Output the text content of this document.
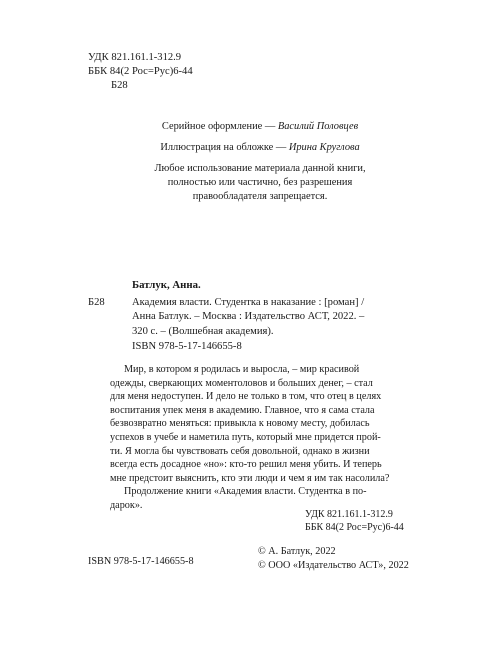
УДК 821.161.1-312.9
ББК 84(2 Рос=Рус)6-44
Б28
Серийное оформление — Василий Половцев
Иллюстрация на обложке — Ирина Круглова
Любое использование материала данной книги,
полностью или частично, без разрешения
правообладателя запрещается.
Батлук, Анна.
Б28	Академия власти. Студентка в наказание : [роман] /
Анна Батлук. – Москва : Издательство АСТ, 2022. –
320 с. – (Волшебная академия).
ISBN 978-5-17-146655-8
Мир, в котором я родилась и выросла, – мир красивой
одежды, сверкающих моментоловов и больших денег, – стал
для меня недоступен. И дело не только в том, что отец в целях
воспитания упек меня в академию. Главное, что я сама стала
безвозвратно меняться: привыкла к новому месту, добилась
успехов в учебе и наметила путь, который мне придется прой-
ти. Я могла бы чувствовать себя довольной, однако в жизни
всегда есть досадное «но»: кто-то решил меня убить. И теперь
мне предстоит выяснить, кто эти люди и чем я им так насолила?
Продолжение книги «Академия власти. Студентка в по-
дарок».
УДК 821.161.1-312.9
ББК 84(2 Рос=Рус)6-44
ISBN 978-5-17-146655-8
© А. Батлук, 2022
© ООО «Издательство АСТ», 2022
